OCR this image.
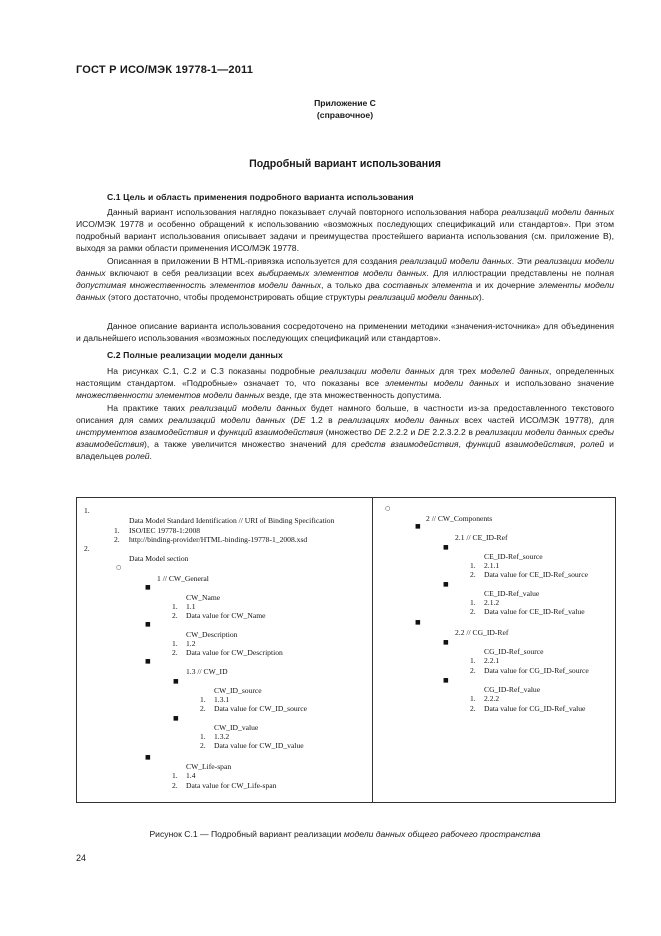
ГОСТ Р ИСО/МЭК 19778-1—2011
Приложение С
(справочное)
Подробный вариант использования
С.1 Цель и область применения подробного варианта использования

Данный вариант использования наглядно показывает случай повторного использования набора реализаций модели данных ИСО/МЭК 19778 и особенно обращений к использованию «возможных последующих спецификаций или стандартов». При этом подробный вариант использования описывает задачи и преимущества простейшего варианта использования (см. приложение В), выходя за рамки области применения ИСО/МЭК 19778.

Описанная в приложении В HTML-привязка используется для создания реализаций модели данных. Эти реализации модели данных включают в себя реализации всех выбираемых элементов модели данных. Для иллюстрации представлены не полная допустимая множественность элементов модели данных, а только два составных элемента и их дочерние элементы модели данных (этого достаточно, чтобы продемонстрировать общие структуры реализаций модели данных).

Данное описание варианта использования сосредоточено на применении методики «значения-источника» для объединения и дальнейшего использования «возможных последующих спецификаций или стандартов».

С.2 Полные реализации модели данных

На рисунках С.1, С.2 и С.3 показаны подробные реализации модели данных для трех моделей данных, определенных настоящим стандартом. «Подробные» означает то, что показаны все элементы модели данных и использовано значение множественности элементов модели данных везде, где эта множественность допустима.

На практике таких реализаций модели данных будет намного больше, в частности из-за предоставленного текстового описания для самих реализаций модели данных (DE 1.2 в реализациях модели данных всех частей ИСО/МЭК 19778), для инструментов взаимодействия и функций взаимодействия (множество DE 2.2.2 и DE 2.2.3.2.2 в реализации модели данных среды взаимодействия), а также увеличится множество значений для средств взаимодействия, функций взаимодействия, ролей и владельцев ролей.

1.
Data Model Standard Identification // URI of Binding Specification
1. ISO/IEC 19778-1:2008
2. http://binding-provider/HTML-binding-19778-1_2008.xsd
2.
Data Model section
○
1 // CW_General
■
CW_Name
1. 1.1
2. Data value for CW_Name
■
CW_Description
1. 1.2
2. Data value for CW_Description
■
1.3 // CW_ID
■
CW_ID_source
1. 1.3.1
2. Data value for CW_ID_source
■
CW_ID_value
1. 1.3.2
2. Data value for CW_ID_value
■
CW_Life-span
1. 1.4
2. Data value for CW_Life-span
○
2 // CW_Components
■
2.1 // CE_ID-Ref
■
CE_ID-Ref_source
1. 2.1.1
2. Data value for CE_ID-Ref_source
■
CE_ID-Ref_value
1. 2.1.2
2. Data value for CE_ID-Ref_value
■
2.2 // CG_ID-Ref
■
CG_ID-Ref_source
1. 2.2.1
2. Data value for CG_ID-Ref_source
■
CG_ID-Ref_value
1. 2.2.2
2. Data value for CG_ID-Ref_value
Рисунок С.1 — Подробный вариант реализации модели данных общего рабочего пространства
24
